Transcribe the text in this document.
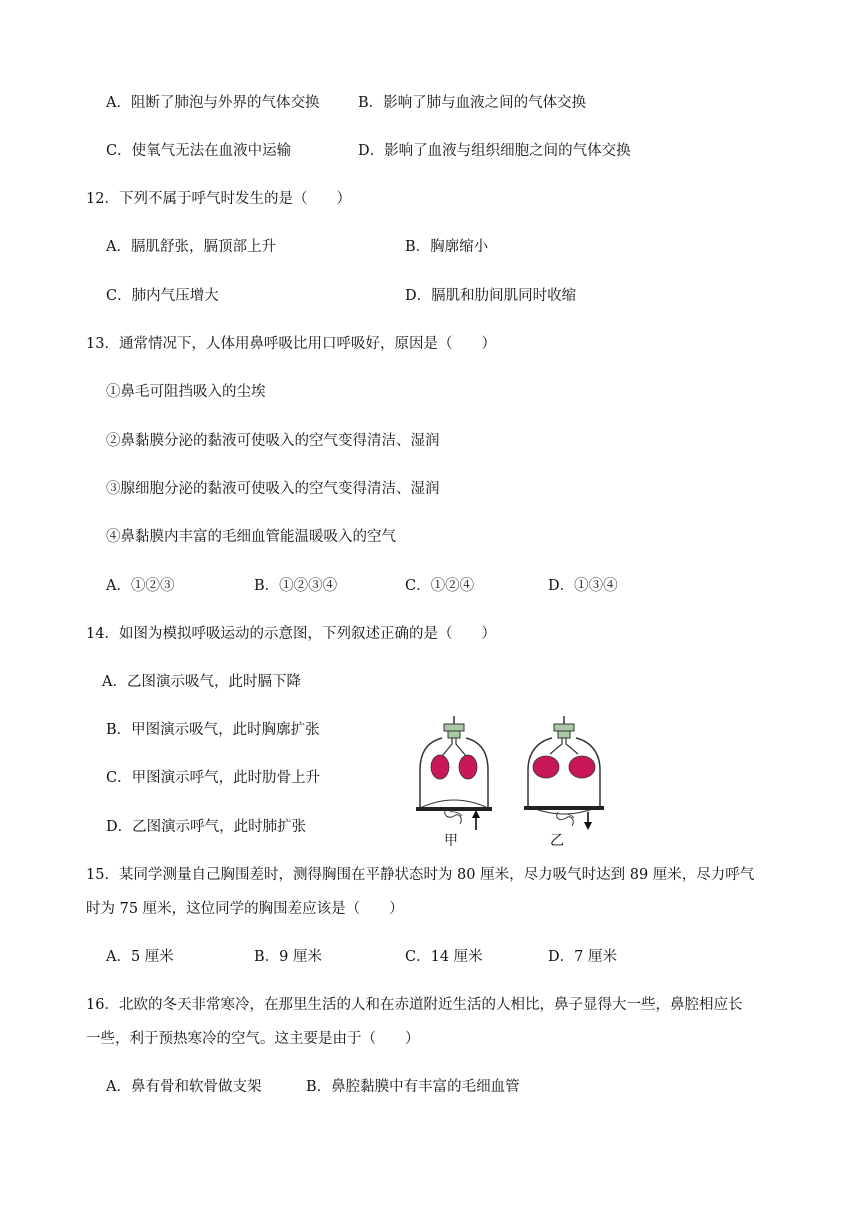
A．阻断了肺泡与外界的气体交换	B．影响了肺与血液之间的气体交换
C．使氧气无法在血液中运输	D．影响了血液与组织细胞之间的气体交换
12．下列不属于呼气时发生的是（　　）
A．膈肌舒张，膈顶部上升	B．胸廓缩小
C．肺内气压增大	D．膈肌和肋间肌同时收缩
13．通常情况下，人体用鼻呼吸比用口呼吸好，原因是（　　）
①鼻毛可阻挡吸入的尘埃
②鼻黏膜分泌的黏液可使吸入的空气变得清洁、湿润
③腺细胞分泌的黏液可使吸入的空气变得清洁、湿润
④鼻黏膜内丰富的毛细血管能温暖吸入的空气
A．①②③	B．①②③④	C．①②④	D．①③④
14．如图为模拟呼吸运动的示意图，下列叙述正确的是（　　）
A．乙图演示吸气，此时膈下降
B．甲图演示吸气，此时胸廓扩张
C．甲图演示呼气，此时肋骨上升
D．乙图演示呼气，此时肺扩张
甲	乙
15．某同学测量自己胸围差时，测得胸围在平静状态时为 80 厘米，尽力吸气时达到 89 厘米，尽力呼气
时为 75 厘米，这位同学的胸围差应该是（　　）
A．5 厘米	B．9 厘米	C．14 厘米	D．7 厘米
16．北欧的冬天非常寒冷，在那里生活的人和在赤道附近生活的人相比，鼻子显得大一些，鼻腔相应长
一些，利于预热寒冷的空气。这主要是由于（　　）
A．鼻有骨和软骨做支架	B．鼻腔黏膜中有丰富的毛细血管
